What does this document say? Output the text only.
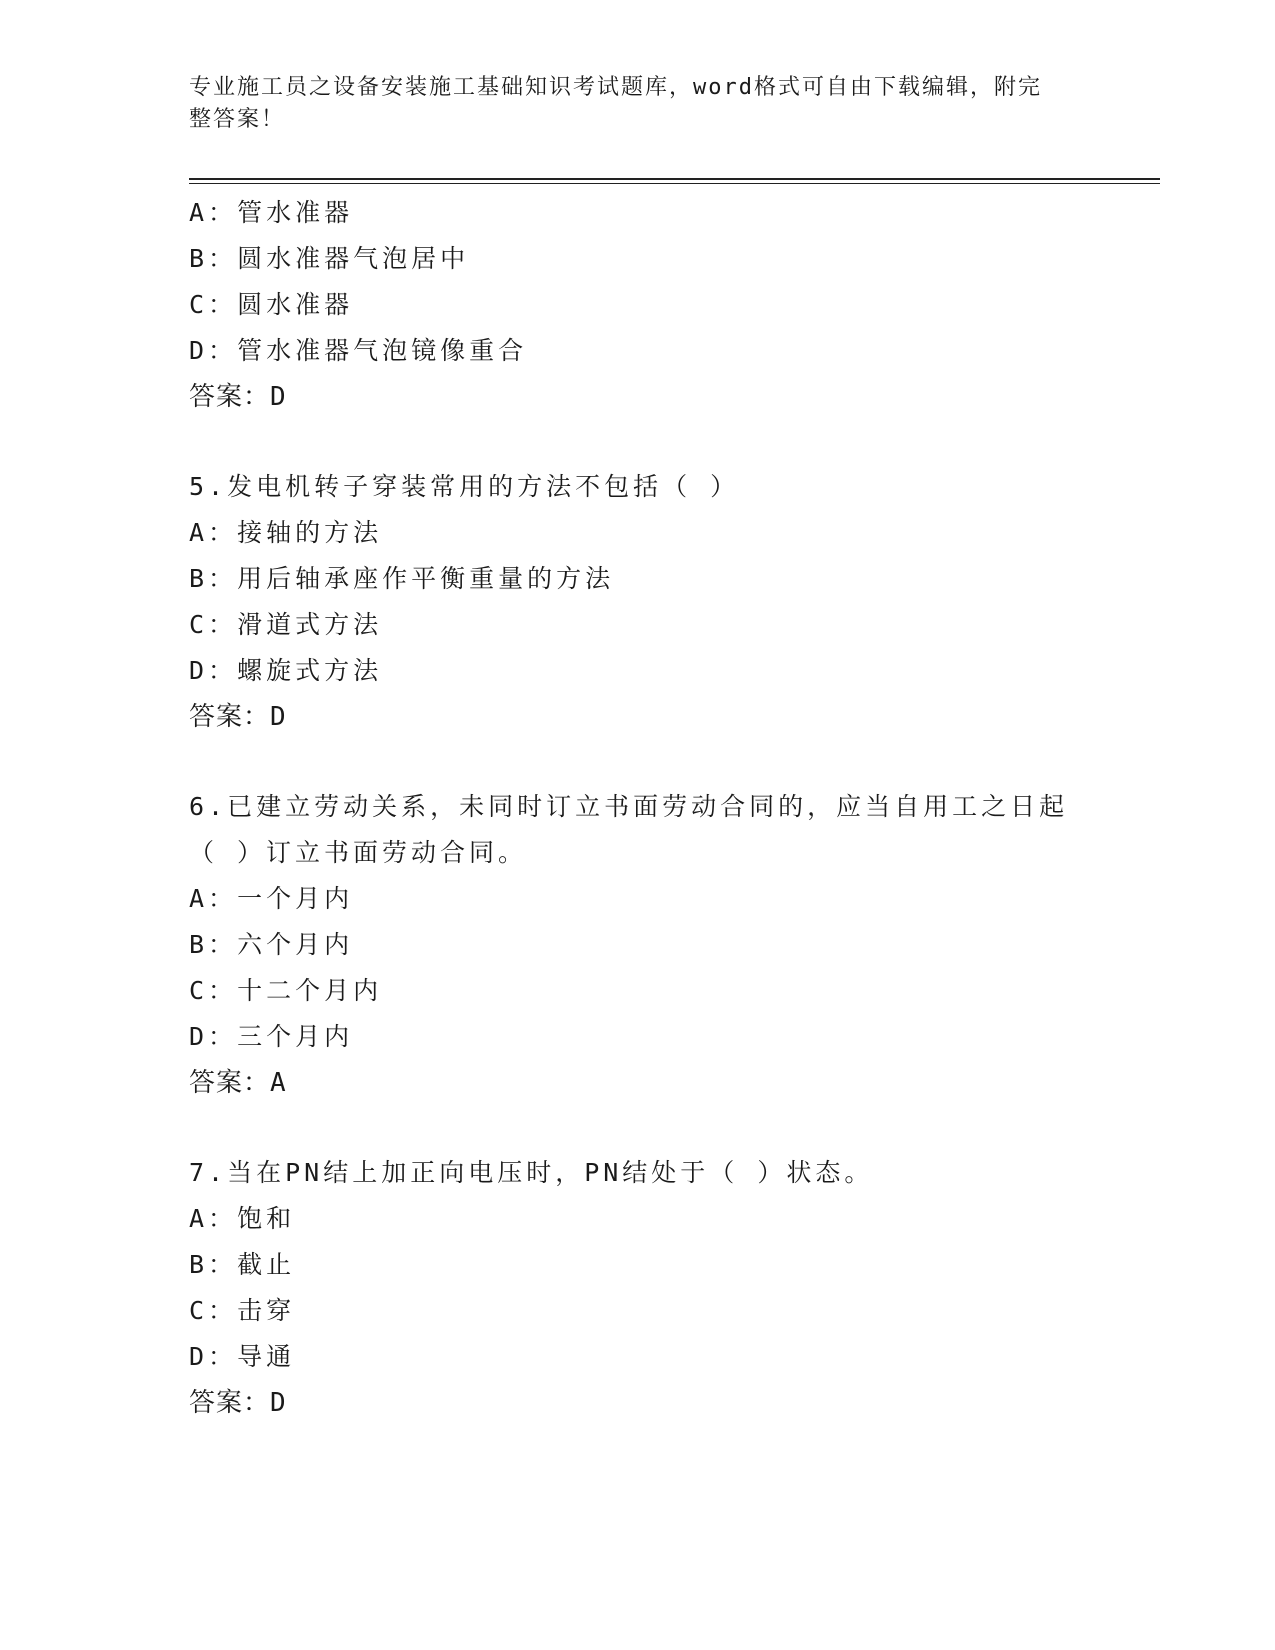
专业施工员之设备安装施工基础知识考试题库，word格式可自由下载编辑，附完
整答案！
A：管水准器
B：圆水准器气泡居中
C：圆水准器
D：管水准器气泡镜像重合
答案：D
5.发电机转子穿装常用的方法不包括（ ）
A：接轴的方法
B：用后轴承座作平衡重量的方法
C：滑道式方法
D：螺旋式方法
答案：D
6.已建立劳动关系，未同时订立书面劳动合同的，应当自用工之日起
（ ）订立书面劳动合同。
A：一个月内
B：六个月内
C：十二个月内
D：三个月内
答案：A
7.当在PN结上加正向电压时，PN结处于（ ）状态。
A：饱和
B：截止
C：击穿
D：导通
答案：D
